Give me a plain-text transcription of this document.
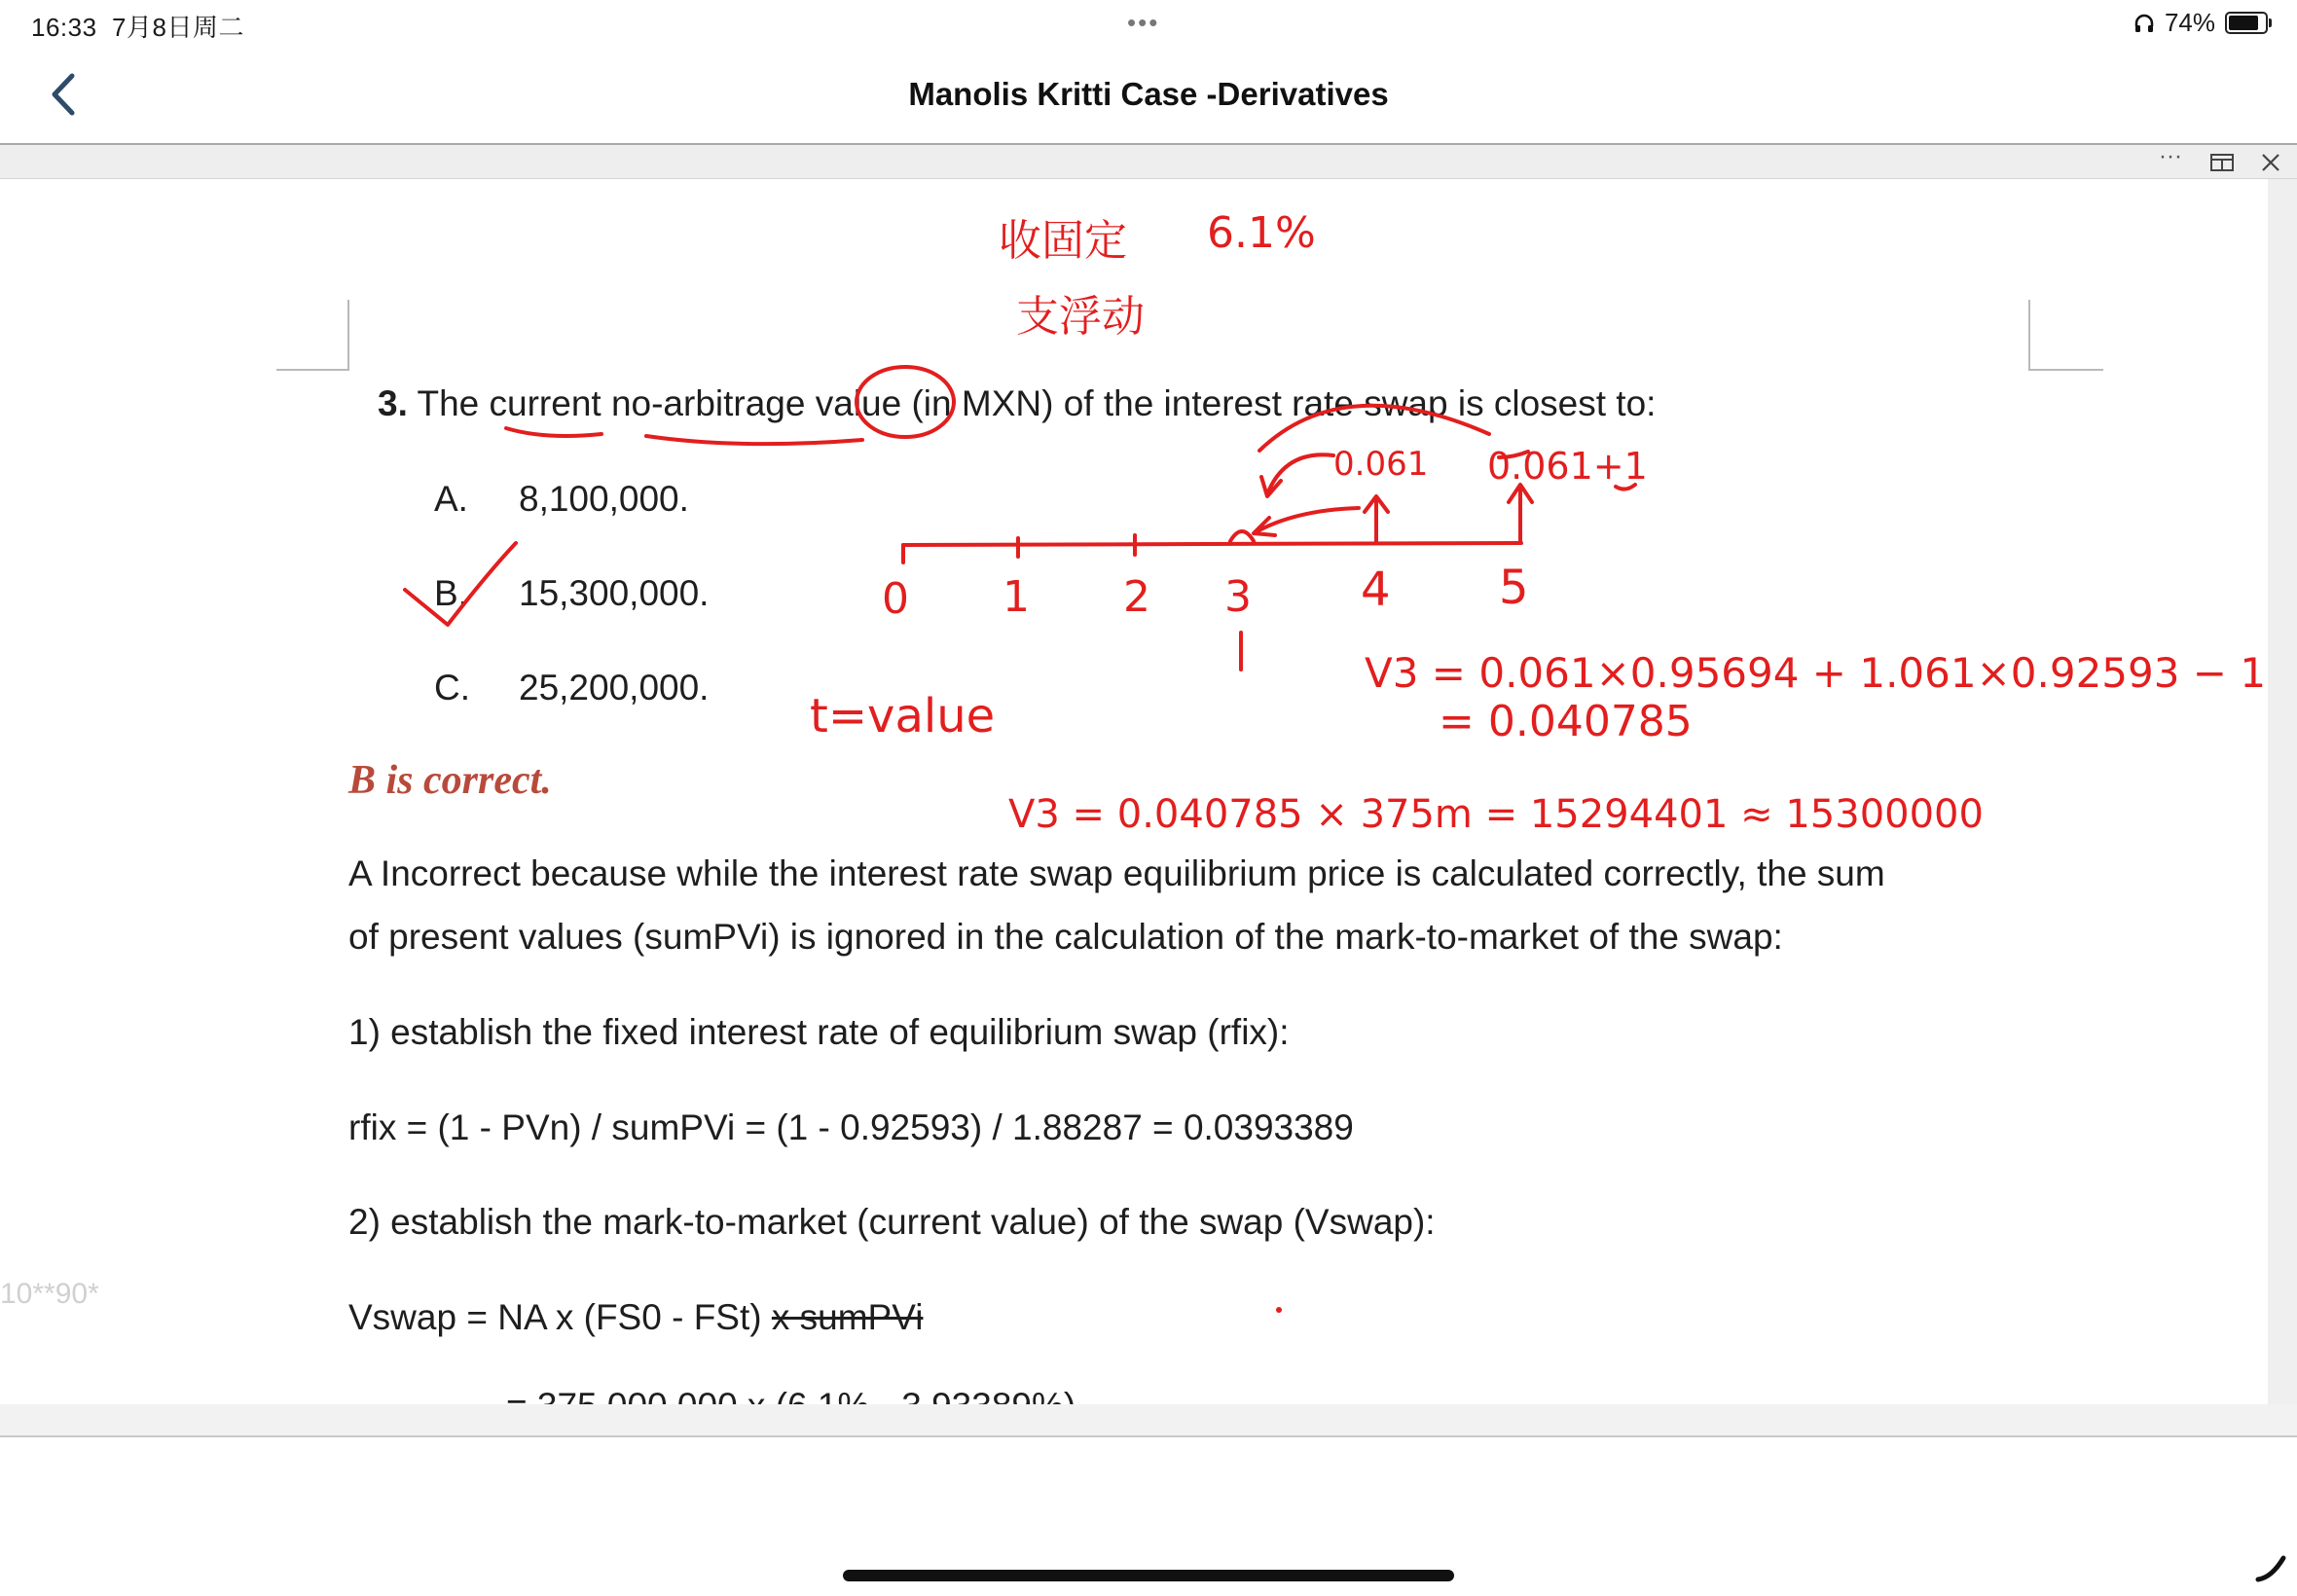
16:33 7月8日周二	•••	74%
Manolis Kritti Case -Derivatives
···
3. The current no-arbitrage value (in MXN) of the interest rate swap is closest to:
A. 8,100,000.
B. 15,300,000.
C. 25,200,000.
B is correct.
A Incorrect because while the interest rate swap equilibrium price is calculated correctly, the sum
of present values (sumPVi) is ignored in the calculation of the mark-to-market of the swap:
1) establish the fixed interest rate of equilibrium swap (rfix):
rfix = (1 - PVn) / sumPVi = (1 - 0.92593) / 1.88287 = 0.0393389
2) establish the mark-to-market (current value) of the swap (Vswap):
Vswap = NA x (FS0 - FSt) x sumPVi
10**90*
0 1 2 3 4 5
收固定 6.1%
支浮动
0.061 0.061+1
t=value
V3 = 0.061×0.95694 + 1.061×0.92593 − 1
= 0.040785
V3 = 0.040785 × 375m = 15294401 ≈ 15300000
